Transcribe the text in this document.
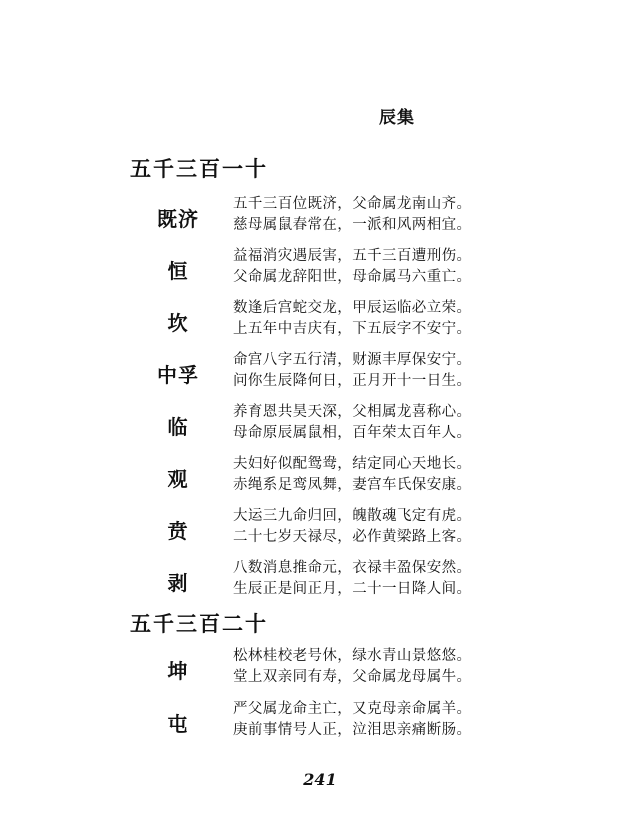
辰集
五千三百一十
既济
五千三百位既济，父命属龙南山齐。
慈母属鼠春常在，一派和风两相宜。
恒
益福消灾遇辰害，五千三百遭刑伤。
父命属龙辞阳世，母命属马六重亡。
坎
数逢后宫蛇交龙，甲辰运临必立荣。
上五年中吉庆有，下五辰字不安宁。
中孚
命宫八字五行清，财源丰厚保安宁。
问你生辰降何日，正月开十一日生。
临
养育恩共昊天深，父相属龙喜称心。
母命原辰属鼠相，百年荣太百年人。
观
夫妇好似配鸳鸯，结定同心天地长。
赤绳系足鸾凤舞，妻宫车氏保安康。
贲
大运三九命归回，魄散魂飞定有虎。
二十七岁天禄尽，必作黄梁路上客。
剥
八数消息推命元，衣禄丰盈保安然。
生辰正是间正月，二十一日降人间。
五千三百二十
坤
松林桂校老号休，绿水青山景悠悠。
堂上双亲同有寿，父命属龙母属牛。
屯
严父属龙命主亡，又克母亲命属羊。
庚前事情号人正，泣泪思亲痛断肠。
241
